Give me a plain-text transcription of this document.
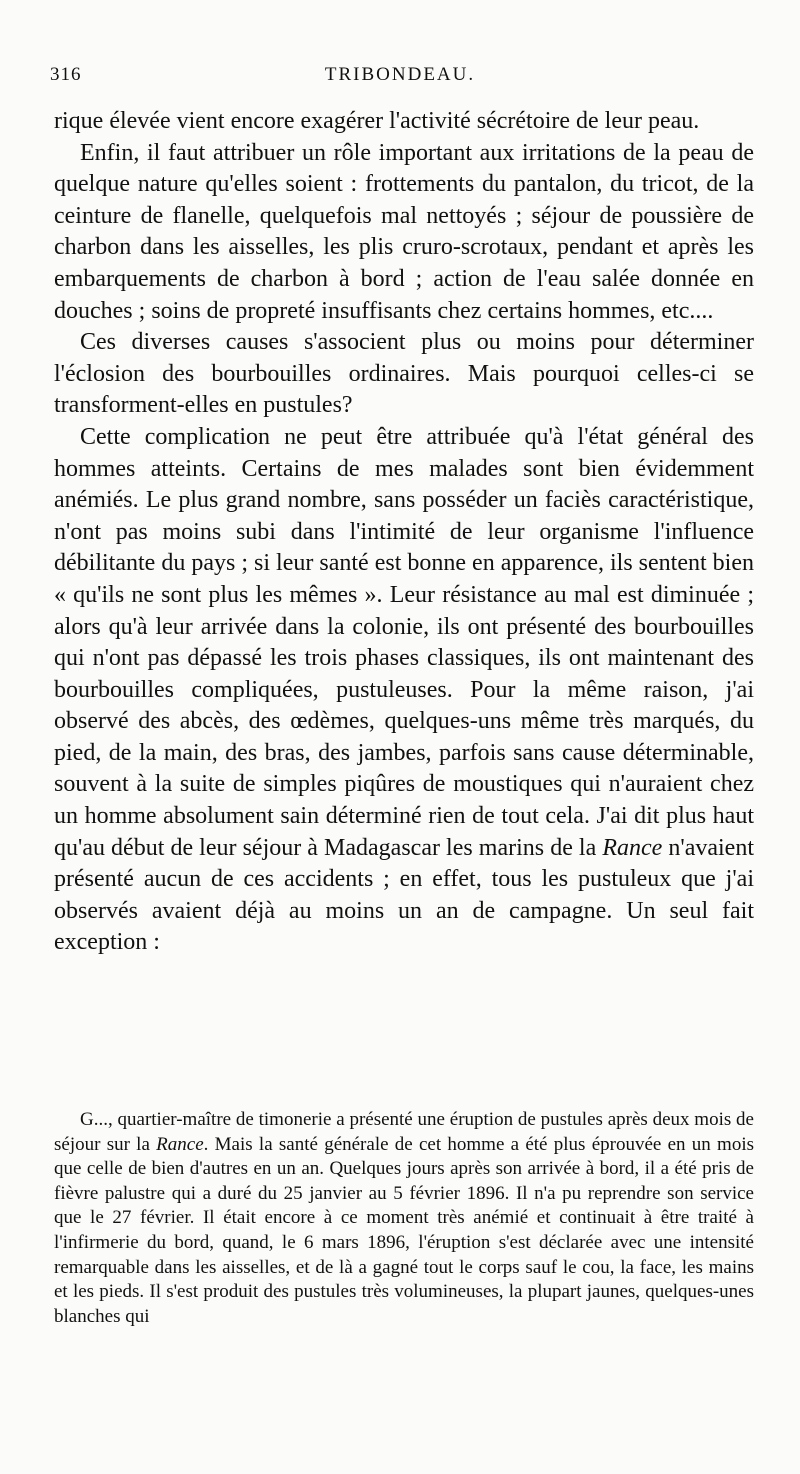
316	TRIBONDEAU.

rique élevée vient encore exagérer l'activité sécrétoire de leur peau.

Enfin, il faut attribuer un rôle important aux irritations de la peau de quelque nature qu'elles soient : frottements du pantalon, du tricot, de la ceinture de flanelle, quelquefois mal nettoyés ; séjour de poussière de charbon dans les aisselles, les plis cruro-scrotaux, pendant et après les embarquements de charbon à bord ; action de l'eau salée donnée en douches ; soins de propreté insuffisants chez certains hommes, etc....

Ces diverses causes s'associent plus ou moins pour déterminer l'éclosion des bourbouilles ordinaires. Mais pourquoi celles-ci se transforment-elles en pustules?

Cette complication ne peut être attribuée qu'à l'état général des hommes atteints. Certains de mes malades sont bien évidemment anémiés. Le plus grand nombre, sans posséder un faciès caractéristique, n'ont pas moins subi dans l'intimité de leur organisme l'influence débilitante du pays ; si leur santé est bonne en apparence, ils sentent bien « qu'ils ne sont plus les mêmes ». Leur résistance au mal est diminuée ; alors qu'à leur arrivée dans la colonie, ils ont présenté des bourbouilles qui n'ont pas dépassé les trois phases classiques, ils ont maintenant des bourbouilles compliquées, pustuleuses. Pour la même raison, j'ai observé des abcès, des œdèmes, quelques-uns même très marqués, du pied, de la main, des bras, des jambes, parfois sans cause déterminable, souvent à la suite de simples piqûres de moustiques qui n'auraient chez un homme absolument sain déterminé rien de tout cela. J'ai dit plus haut qu'au début de leur séjour à Madagascar les marins de la Rance n'avaient présenté aucun de ces accidents ; en effet, tous les pustuleux que j'ai observés avaient déjà au moins un an de campagne. Un seul fait exception :

G..., quartier-maître de timonerie a présenté une éruption de pustules après deux mois de séjour sur la Rance. Mais la santé générale de cet homme a été plus éprouvée en un mois que celle de bien d'autres en un an. Quelques jours après son arrivée à bord, il a été pris de fièvre palustre qui a duré du 25 janvier au 5 février 1896. Il n'a pu reprendre son service que le 27 février. Il était encore à ce moment très anémié et continuait à être traité à l'infirmerie du bord, quand, le 6 mars 1896, l'éruption s'est déclarée avec une intensité remarquable dans les aisselles, et de là a gagné tout le corps sauf le cou, la face, les mains et les pieds. Il s'est produit des pustules très volumineuses, la plupart jaunes, quelques-unes blanches qui
